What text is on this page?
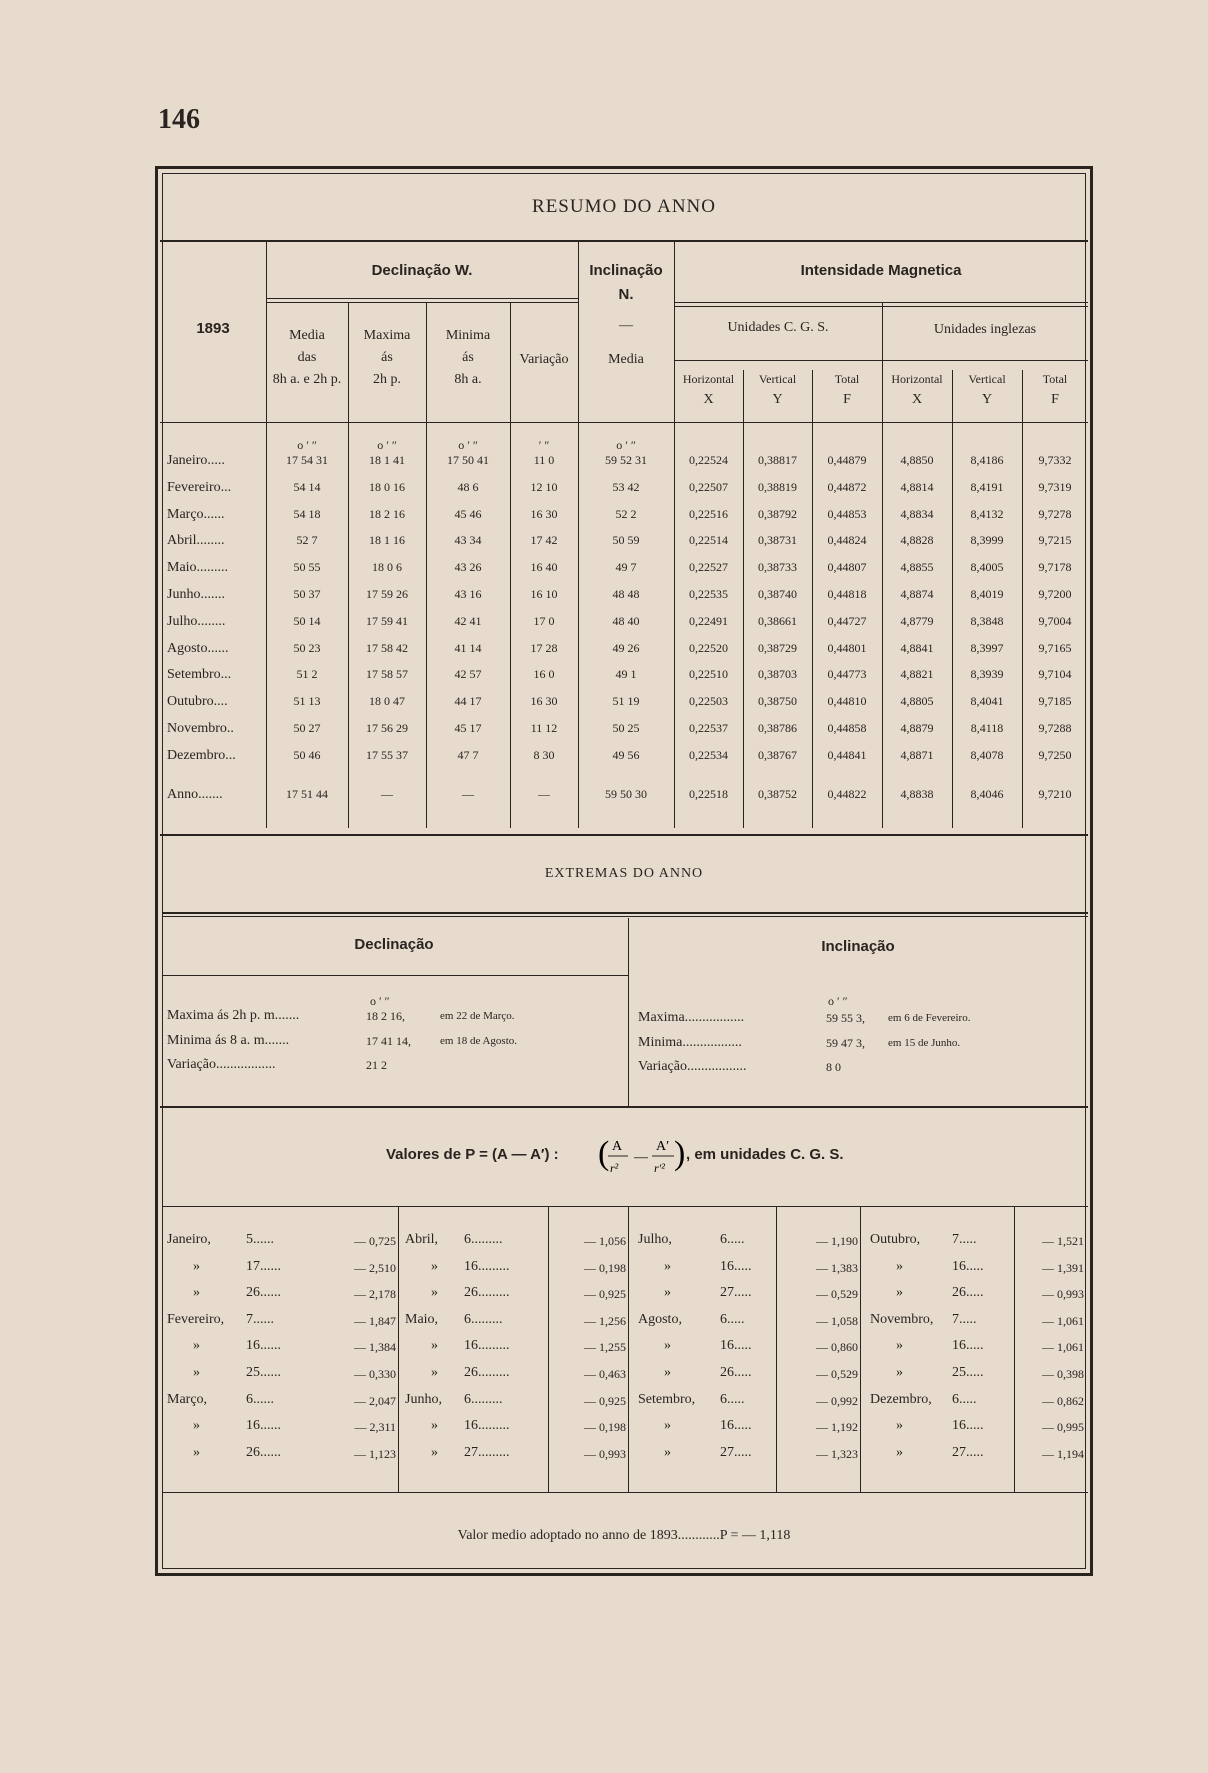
146
RESUMO DO ANNO
Declinação W.	Inclinação
N.
Intensidade Magnetica
1893	Media
das
8h a. e 2h p.
Maxima
ás
2h p.
Minima
ás
8h a.
Variação
—
Media
Unidades C. G. S.	Unidades inglezas
Horizontal
X
Vertical
Y
Total
F
Horizontal
X
Vertical
Y
Total
F
o ′ ″	o ′ ″	o ′ ″	′ ″	o ′ ″
Janeiro.....	17 54 31	18 1 41	17 50 41	11 0	59 52 31	0,22524	0,38817	0,44879	4,8850	8,4186	9,7332
Fevereiro...	54 14	18 0 16	48 6	12 10	53 42	0,22507	0,38819	0,44872	4,8814	8,4191	9,7319
Março......	54 18	18 2 16	45 46	16 30	52 2	0,22516	0,38792	0,44853	4,8834	8,4132	9,7278
Abril........	52 7	18 1 16	43 34	17 42	50 59	0,22514	0,38731	0,44824	4,8828	8,3999	9,7215
Maio.........	50 55	18 0 6	43 26	16 40	49 7	0,22527	0,38733	0,44807	4,8855	8,4005	9,7178
Junho.......	50 37	17 59 26	43 16	16 10	48 48	0,22535	0,38740	0,44818	4,8874	8,4019	9,7200
Julho........	50 14	17 59 41	42 41	17 0	48 40	0,22491	0,38661	0,44727	4,8779	8,3848	9,7004
Agosto......	50 23	17 58 42	41 14	17 28	49 26	0,22520	0,38729	0,44801	4,8841	8,3997	9,7165
Setembro...	51 2	17 58 57	42 57	16 0	49 1	0,22510	0,38703	0,44773	4,8821	8,3939	9,7104
Outubro....	51 13	18 0 47	44 17	16 30	51 19	0,22503	0,38750	0,44810	4,8805	8,4041	9,7185
Novembro..	50 27	17 56 29	45 17	11 12	50 25	0,22537	0,38786	0,44858	4,8879	8,4118	9,7288
Dezembro...	50 46	17 55 37	47 7	8 30	49 56	0,22534	0,38767	0,44841	4,8871	8,4078	9,7250
Anno.......	17 51 44	—	—	—	59 50 30	0,22518	0,38752	0,44822	4,8838	8,4046	9,7210
EXTREMAS DO ANNO
Declinação	Inclinação
o ′ ″	o ′ ″
Maxima ás 2h p. m.......	18 2 16,	em 22 de Março.
Minima ás 8 a. m.......	17 41 14,	em 18 de Agosto.
Variação.................	21 2
Maxima.................	59 55 3, em 6 de Fevereiro.
Minima.................	59 47 3, em 15 de Junho.
Variação.................	8 0
Valores de P = (A — A′) : ( A
r²
—
A′
r′² ) , em unidades C. G. S.
Janeiro,	5......	— 0,725
»	17......	— 2,510
»	26......	— 2,178
Fevereiro, 7......	— 1,847
»	16......	— 1,384
»	25......	— 0,330
Março,	6......	— 2,047
»	16......	— 2,311
»	26......	— 1,123
Abril, 6.........	— 1,056
» 16.........	— 0,198
» 26.........	— 0,925
Maio, 6.........	— 1,256
» 16.........	— 1,255
» 26.........	— 0,463
Junho, 6.........	— 0,925
» 16.........	— 0,198
» 27.........	— 0,993
Julho,	6.....	— 1,190
»	16.....	— 1,383
»	27.....	— 0,529
Agosto,	6.....	— 1,058
»	16.....	— 0,860
»	26.....	— 0,529
Setembro, 6.....	— 0,992
»	16.....	— 1,192
»	27.....	— 1,323
Outubro, 7.....	— 1,521
»	16.....	— 1,391
»	26.....	— 0,993
Novembro, 7.....	— 1,061
»	16.....	— 1,061
»	25.....	— 0,398
Dezembro, 6.....	— 0,862
»	16.....	— 0,995
»	27.....	— 1,194
Valor medio adoptado no anno de 1893............P = — 1,118
